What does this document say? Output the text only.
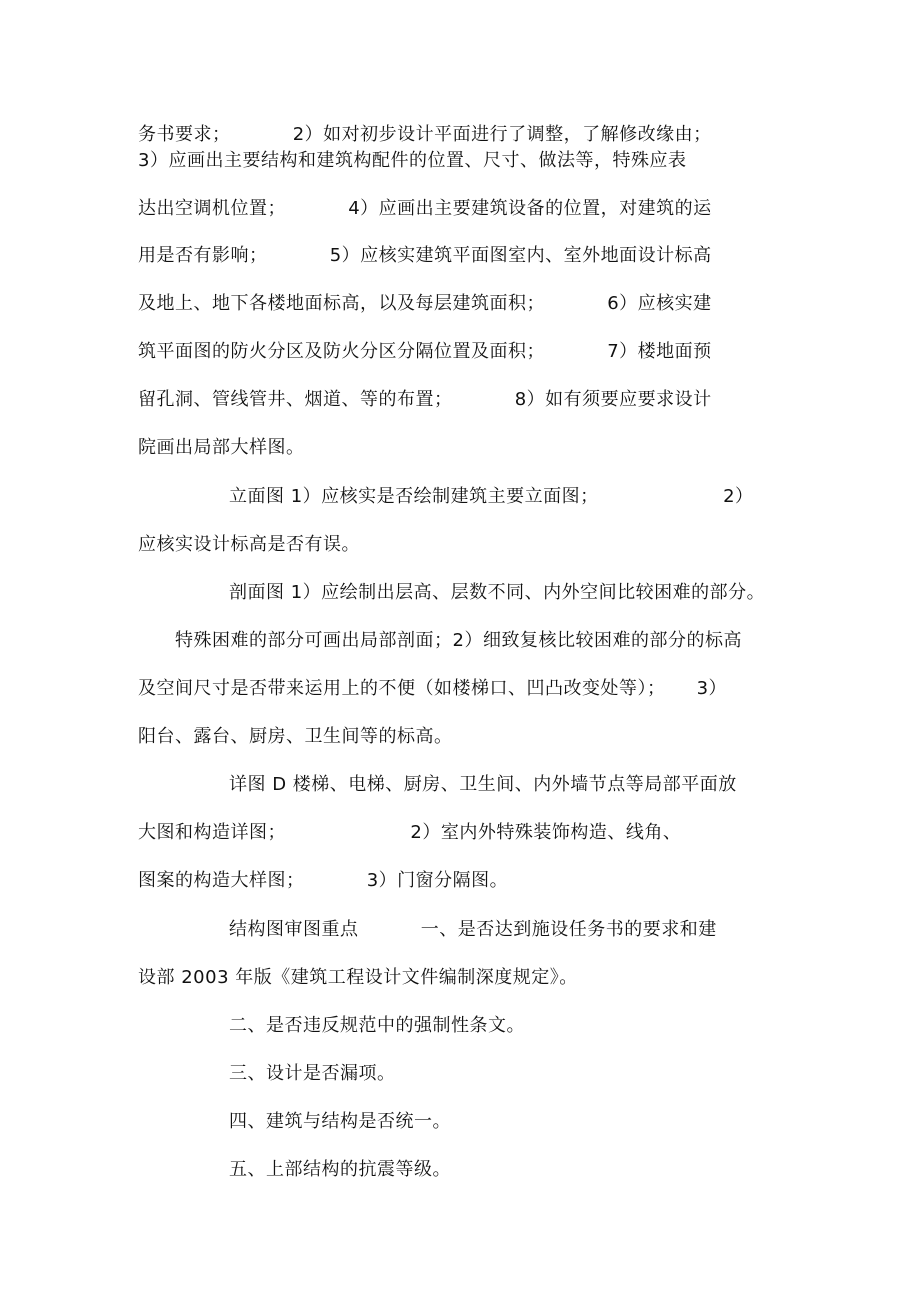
务书要求；          2）如对初步设计平面进行了调整，了解修改缘由；
3）应画出主要结构和建筑构配件的位置、尺寸、做法等，特殊应表
达出空调机位置；          4）应画出主要建筑设备的位置，对建筑的运
用是否有影响；          5）应核实建筑平面图室内、室外地面设计标高
及地上、地下各楼地面标高，以及每层建筑面积；          6）应核实建
筑平面图的防火分区及防火分区分隔位置及面积；          7）楼地面预
留孔洞、管线管井、烟道、等的布置；          8）如有须要应要求设计
院画出局部大样图。
立面图 1）应核实是否绘制建筑主要立面图；                    2）
应核实设计标高是否有误。
剖面图 1）应绘制出层高、层数不同、内外空间比较困难的部分。
特殊困难的部分可画出局部剖面；2）细致复核比较困难的部分的标高
及空间尺寸是否带来运用上的不便（如楼梯口、凹凸改变处等）；     3）
阳台、露台、厨房、卫生间等的标高。
详图 D 楼梯、电梯、厨房、卫生间、内外墙节点等局部平面放
大图和构造详图；                    2）室内外特殊装饰构造、线角、
图案的构造大样图；          3）门窗分隔图。
结构图审图重点          一、是否达到施设任务书的要求和建
设部 2003 年版《建筑工程设计文件编制深度规定》。
二、是否违反规范中的强制性条文。
三、设计是否漏项。
四、建筑与结构是否统一。
五、上部结构的抗震等级。
